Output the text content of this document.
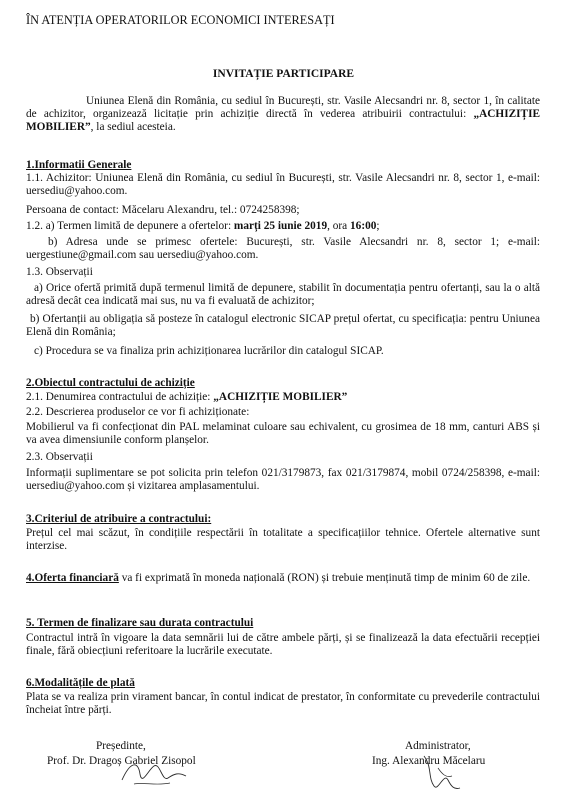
ÎN ATENȚIA OPERATORILOR ECONOMICI INTERESAȚI
INVITAȚIE PARTICIPARE
Uniunea Elenă din România, cu sediul în București, str. Vasile Alecsandri nr. 8, sector 1, în calitate de achizitor, organizează licitație prin achiziție directă în vederea atribuirii contractului: „ACHIZIȚIE MOBILIER”, la sediul acesteia.
1.Informatii Generale
1.1. Achizitor: Uniunea Elenă din România, cu sediul în București, str. Vasile Alecsandri nr. 8, sector 1, e-mail: uersediu@yahoo.com.
Persoana de contact: Măcelaru Alexandru, tel.: 0724258398;
1.2. a) Termen limită de depunere a ofertelor: marți 25 iunie 2019, ora 16:00;
b) Adresa unde se primesc ofertele: București, str. Vasile Alecsandri nr. 8, sector 1; e-mail: uergestiune@gmail.com sau uersediu@yahoo.com.
1.3. Observații
a) Orice ofertă primită după termenul limită de depunere, stabilit în documentația pentru ofertanți, sau la o altă adresă decât cea indicată mai sus, nu va fi evaluată de achizitor;
b) Ofertanții au obligația să posteze în catalogul electronic SICAP prețul ofertat, cu specificația: pentru Uniunea Elenă din România;
c) Procedura se va finaliza prin achiziționarea lucrărilor din catalogul SICAP.
2.Obiectul contractului de achiziție
2.1. Denumirea contractului de achiziție: „ACHIZIȚIE MOBILIER”
2.2. Descrierea produselor ce vor fi achiziționate:
Mobilierul va fi confecționat din PAL melaminat culoare sau echivalent, cu grosimea de 18 mm, canturi ABS și va avea dimensiunile conform planșelor.
2.3. Observații
Informații suplimentare se pot solicita prin telefon 021/3179873, fax 021/3179874, mobil 0724/258398, e-mail: uersediu@yahoo.com și vizitarea amplasamentului.
3.Criteriul de atribuire a contractului:
Prețul cel mai scăzut, în condițiile respectării în totalitate a specificațiilor tehnice. Ofertele alternative sunt interzise.
4.Oferta financiară va fi exprimată în moneda națională (RON) și trebuie menținută timp de minim 60 de zile.
5. Termen de finalizare sau durata contractului
Contractul intră în vigoare la data semnării lui de către ambele părți, și se finalizează la data efectuării recepției finale, fără obiecțiuni referitoare la lucrările executate.
6.Modalitățile de plată
Plata se va realiza prin virament bancar, în contul indicat de prestator, în conformitate cu prevederile contractului încheiat între părți.
Președinte,
Prof. Dr. Dragoș Gabriel Zisopol
Administrator,
Ing. Alexandru Măcelaru
